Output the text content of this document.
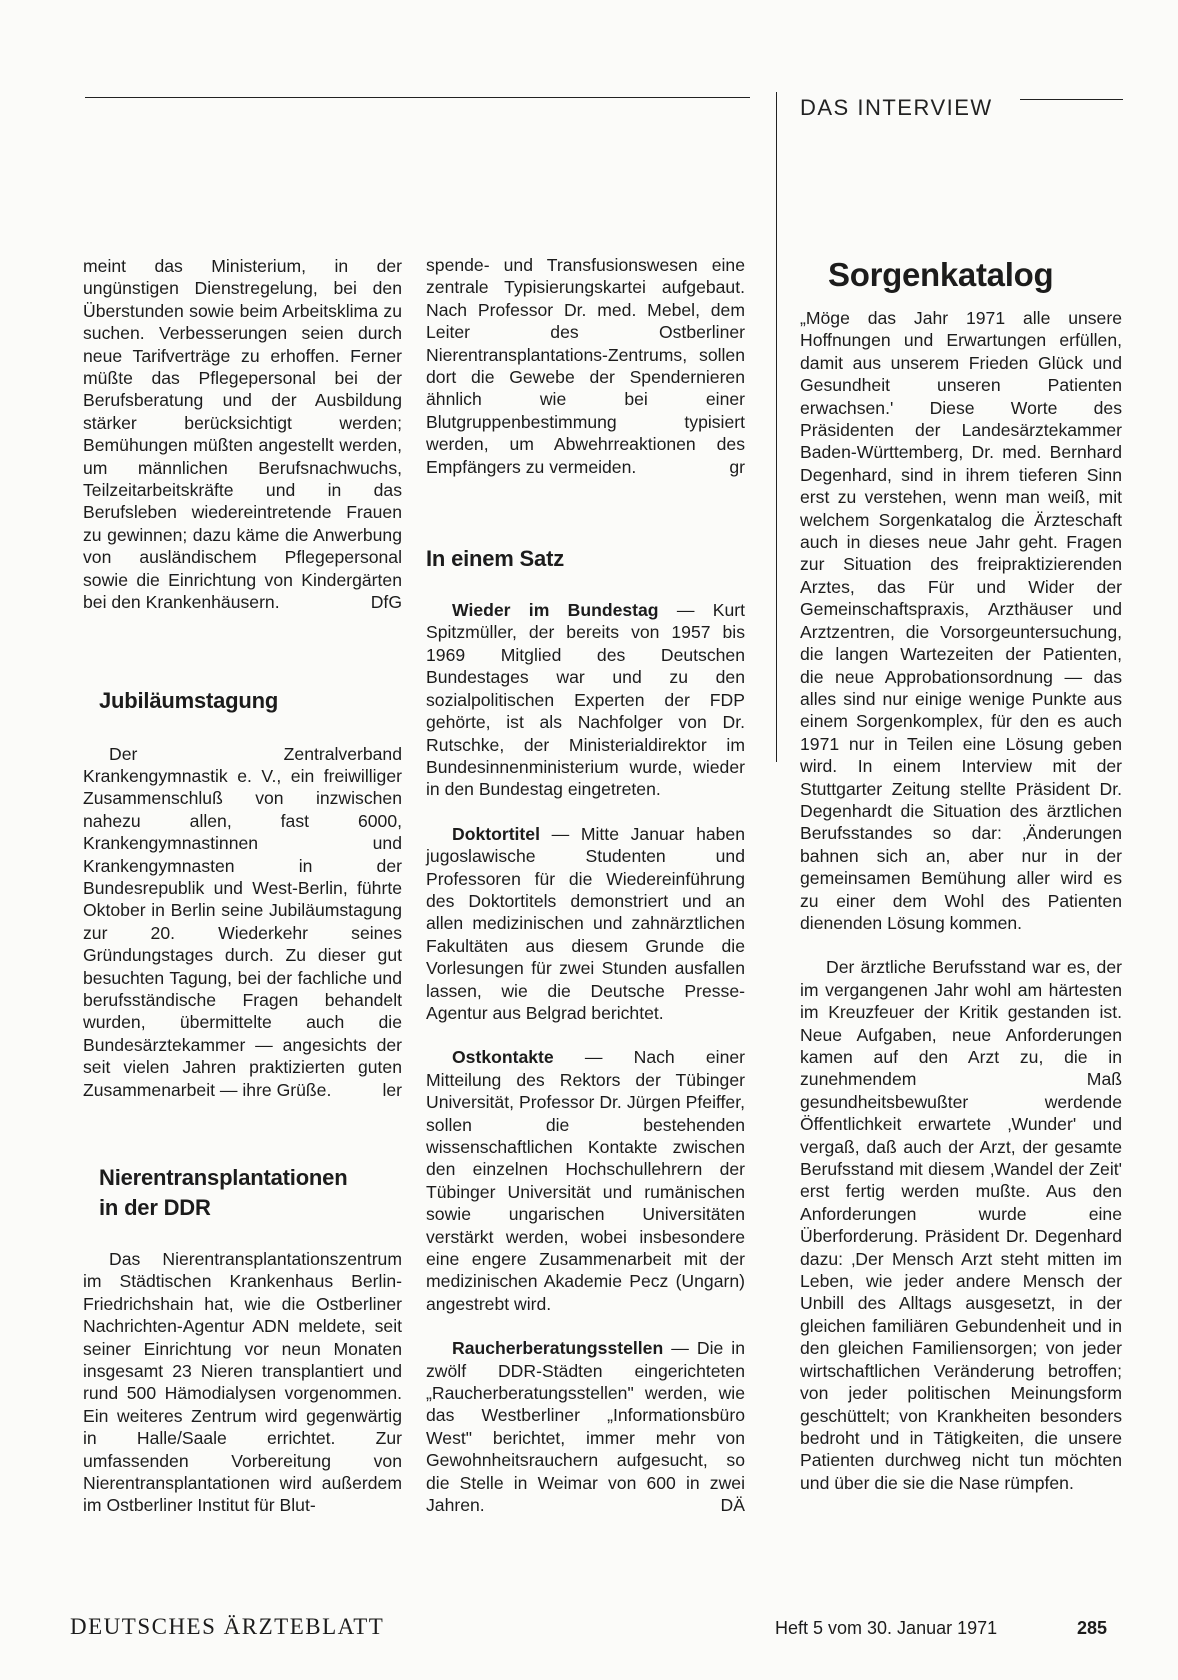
DAS INTERVIEW

meint das Ministerium, in der ungünstigen Dienstregelung, bei den Überstunden sowie beim Arbeitsklima zu suchen. Verbesserungen seien durch neue Tarifverträge zu erhoffen. Ferner müßte das Pflegepersonal bei der Berufsberatung und der Ausbildung stärker berücksichtigt werden; Bemühungen müßten angestellt werden, um männlichen Berufsnachwuchs, Teilzeitarbeitskräfte und in das Berufsleben wiedereintretende Frauen zu gewinnen; dazu käme die Anwerbung von ausländischem Pflegepersonal sowie die Einrichtung von Kindergärten bei den Krankenhäusern.	DfG

Jubiläumstagung

Der Zentralverband Krankengymnastik e. V., ein freiwilliger Zusammenschluß von inzwischen nahezu allen, fast 6000, Krankengymnastinnen und Krankengymnasten in der Bundesrepublik und West-Berlin, führte Oktober in Berlin seine Jubiläumstagung zur 20. Wiederkehr seines Gründungstages durch. Zu dieser gut besuchten Tagung, bei der fachliche und berufsständische Fragen behandelt wurden, übermittelte auch die Bundesärztekammer — angesichts der seit vielen Jahren praktizierten guten Zusammenarbeit — ihre Grüße.	ler

Nierentransplantationen
in der DDR

Das Nierentransplantationszentrum im Städtischen Krankenhaus Berlin-Friedrichshain hat, wie die Ostberliner Nachrichten-Agentur ADN meldete, seit seiner Einrichtung vor neun Monaten insgesamt 23 Nieren transplantiert und rund 500 Hämodialysen vorgenommen. Ein weiteres Zentrum wird gegenwärtig in Halle/Saale errichtet. Zur umfassenden Vorbereitung von Nierentransplantationen wird außerdem im Ostberliner Institut für Blut-

spende- und Transfusionswesen eine zentrale Typisierungskartei aufgebaut. Nach Professor Dr. med. Mebel, dem Leiter des Ostberliner Nierentransplantations-Zentrums, sollen dort die Gewebe der Spendernieren ähnlich wie bei einer Blutgruppenbestimmung typisiert werden, um Abwehrreaktionen des Empfängers zu vermeiden.	gr

In einem Satz

Wieder im Bundestag — Kurt Spitzmüller, der bereits von 1957 bis 1969 Mitglied des Deutschen Bundestages war und zu den sozialpolitischen Experten der FDP gehörte, ist als Nachfolger von Dr. Rutschke, der Ministerialdirektor im Bundesinnenministerium wurde, wieder in den Bundestag eingetreten.

Doktortitel — Mitte Januar haben jugoslawische Studenten und Professoren für die Wiedereinführung des Doktortitels demonstriert und an allen medizinischen und zahnärztlichen Fakultäten aus diesem Grunde die Vorlesungen für zwei Stunden ausfallen lassen, wie die Deutsche Presse-Agentur aus Belgrad berichtet.

Ostkontakte — Nach einer Mitteilung des Rektors der Tübinger Universität, Professor Dr. Jürgen Pfeiffer, sollen die bestehenden wissenschaftlichen Kontakte zwischen den einzelnen Hochschullehrern der Tübinger Universität und rumänischen sowie ungarischen Universitäten verstärkt werden, wobei insbesondere eine engere Zusammenarbeit mit der medizinischen Akademie Pecz (Ungarn) angestrebt wird.

Raucherberatungsstellen — Die in zwölf DDR-Städten eingerichteten „Raucherberatungsstellen" werden, wie das Westberliner „Informationsbüro West" berichtet, immer mehr von Gewohnheitsrauchern aufgesucht, so die Stelle in Weimar von 600 in zwei Jahren.	DÄ

Sorgenkatalog

„Möge das Jahr 1971 alle unsere Hoffnungen und Erwartungen erfüllen, damit aus unserem Frieden Glück und Gesundheit unseren Patienten erwachsen.' Diese Worte des Präsidenten der Landesärztekammer Baden-Württemberg, Dr. med. Bernhard Degenhard, sind in ihrem tieferen Sinn erst zu verstehen, wenn man weiß, mit welchem Sorgenkatalog die Ärzteschaft auch in dieses neue Jahr geht. Fragen zur Situation des freipraktizierenden Arztes, das Für und Wider der Gemeinschaftspraxis, Arzthäuser und Arztzentren, die Vorsorgeuntersuchung, die langen Wartezeiten der Patienten, die neue Approbationsordnung — das alles sind nur einige wenige Punkte aus einem Sorgenkomplex, für den es auch 1971 nur in Teilen eine Lösung geben wird. In einem Interview mit der Stuttgarter Zeitung stellte Präsident Dr. Degenhardt die Situation des ärztlichen Berufsstandes so dar: ‚Änderungen bahnen sich an, aber nur in der gemeinsamen Bemühung aller wird es zu einer dem Wohl des Patienten dienenden Lösung kommen.

Der ärztliche Berufsstand war es, der im vergangenen Jahr wohl am härtesten im Kreuzfeuer der Kritik gestanden ist. Neue Aufgaben, neue Anforderungen kamen auf den Arzt zu, die in zunehmendem Maß gesundheitsbewußter werdende Öffentlichkeit erwartete ‚Wunder' und vergaß, daß auch der Arzt, der gesamte Berufsstand mit diesem ‚Wandel der Zeit' erst fertig werden mußte. Aus den Anforderungen wurde eine Überforderung. Präsident Dr. Degenhard dazu: ‚Der Mensch Arzt steht mitten im Leben, wie jeder andere Mensch der Unbill des Alltags ausgesetzt, in der gleichen familiären Gebundenheit und in den gleichen Familiensorgen; von jeder wirtschaftlichen Veränderung betroffen; von jeder politischen Meinungsform geschüttelt; von Krankheiten besonders bedroht und in Tätigkeiten, die unsere Patienten durchweg nicht tun möchten und über die sie die Nase rümpfen.

DEUTSCHES ÄRZTEBLATT	Heft 5 vom 30. Januar 1971	285
